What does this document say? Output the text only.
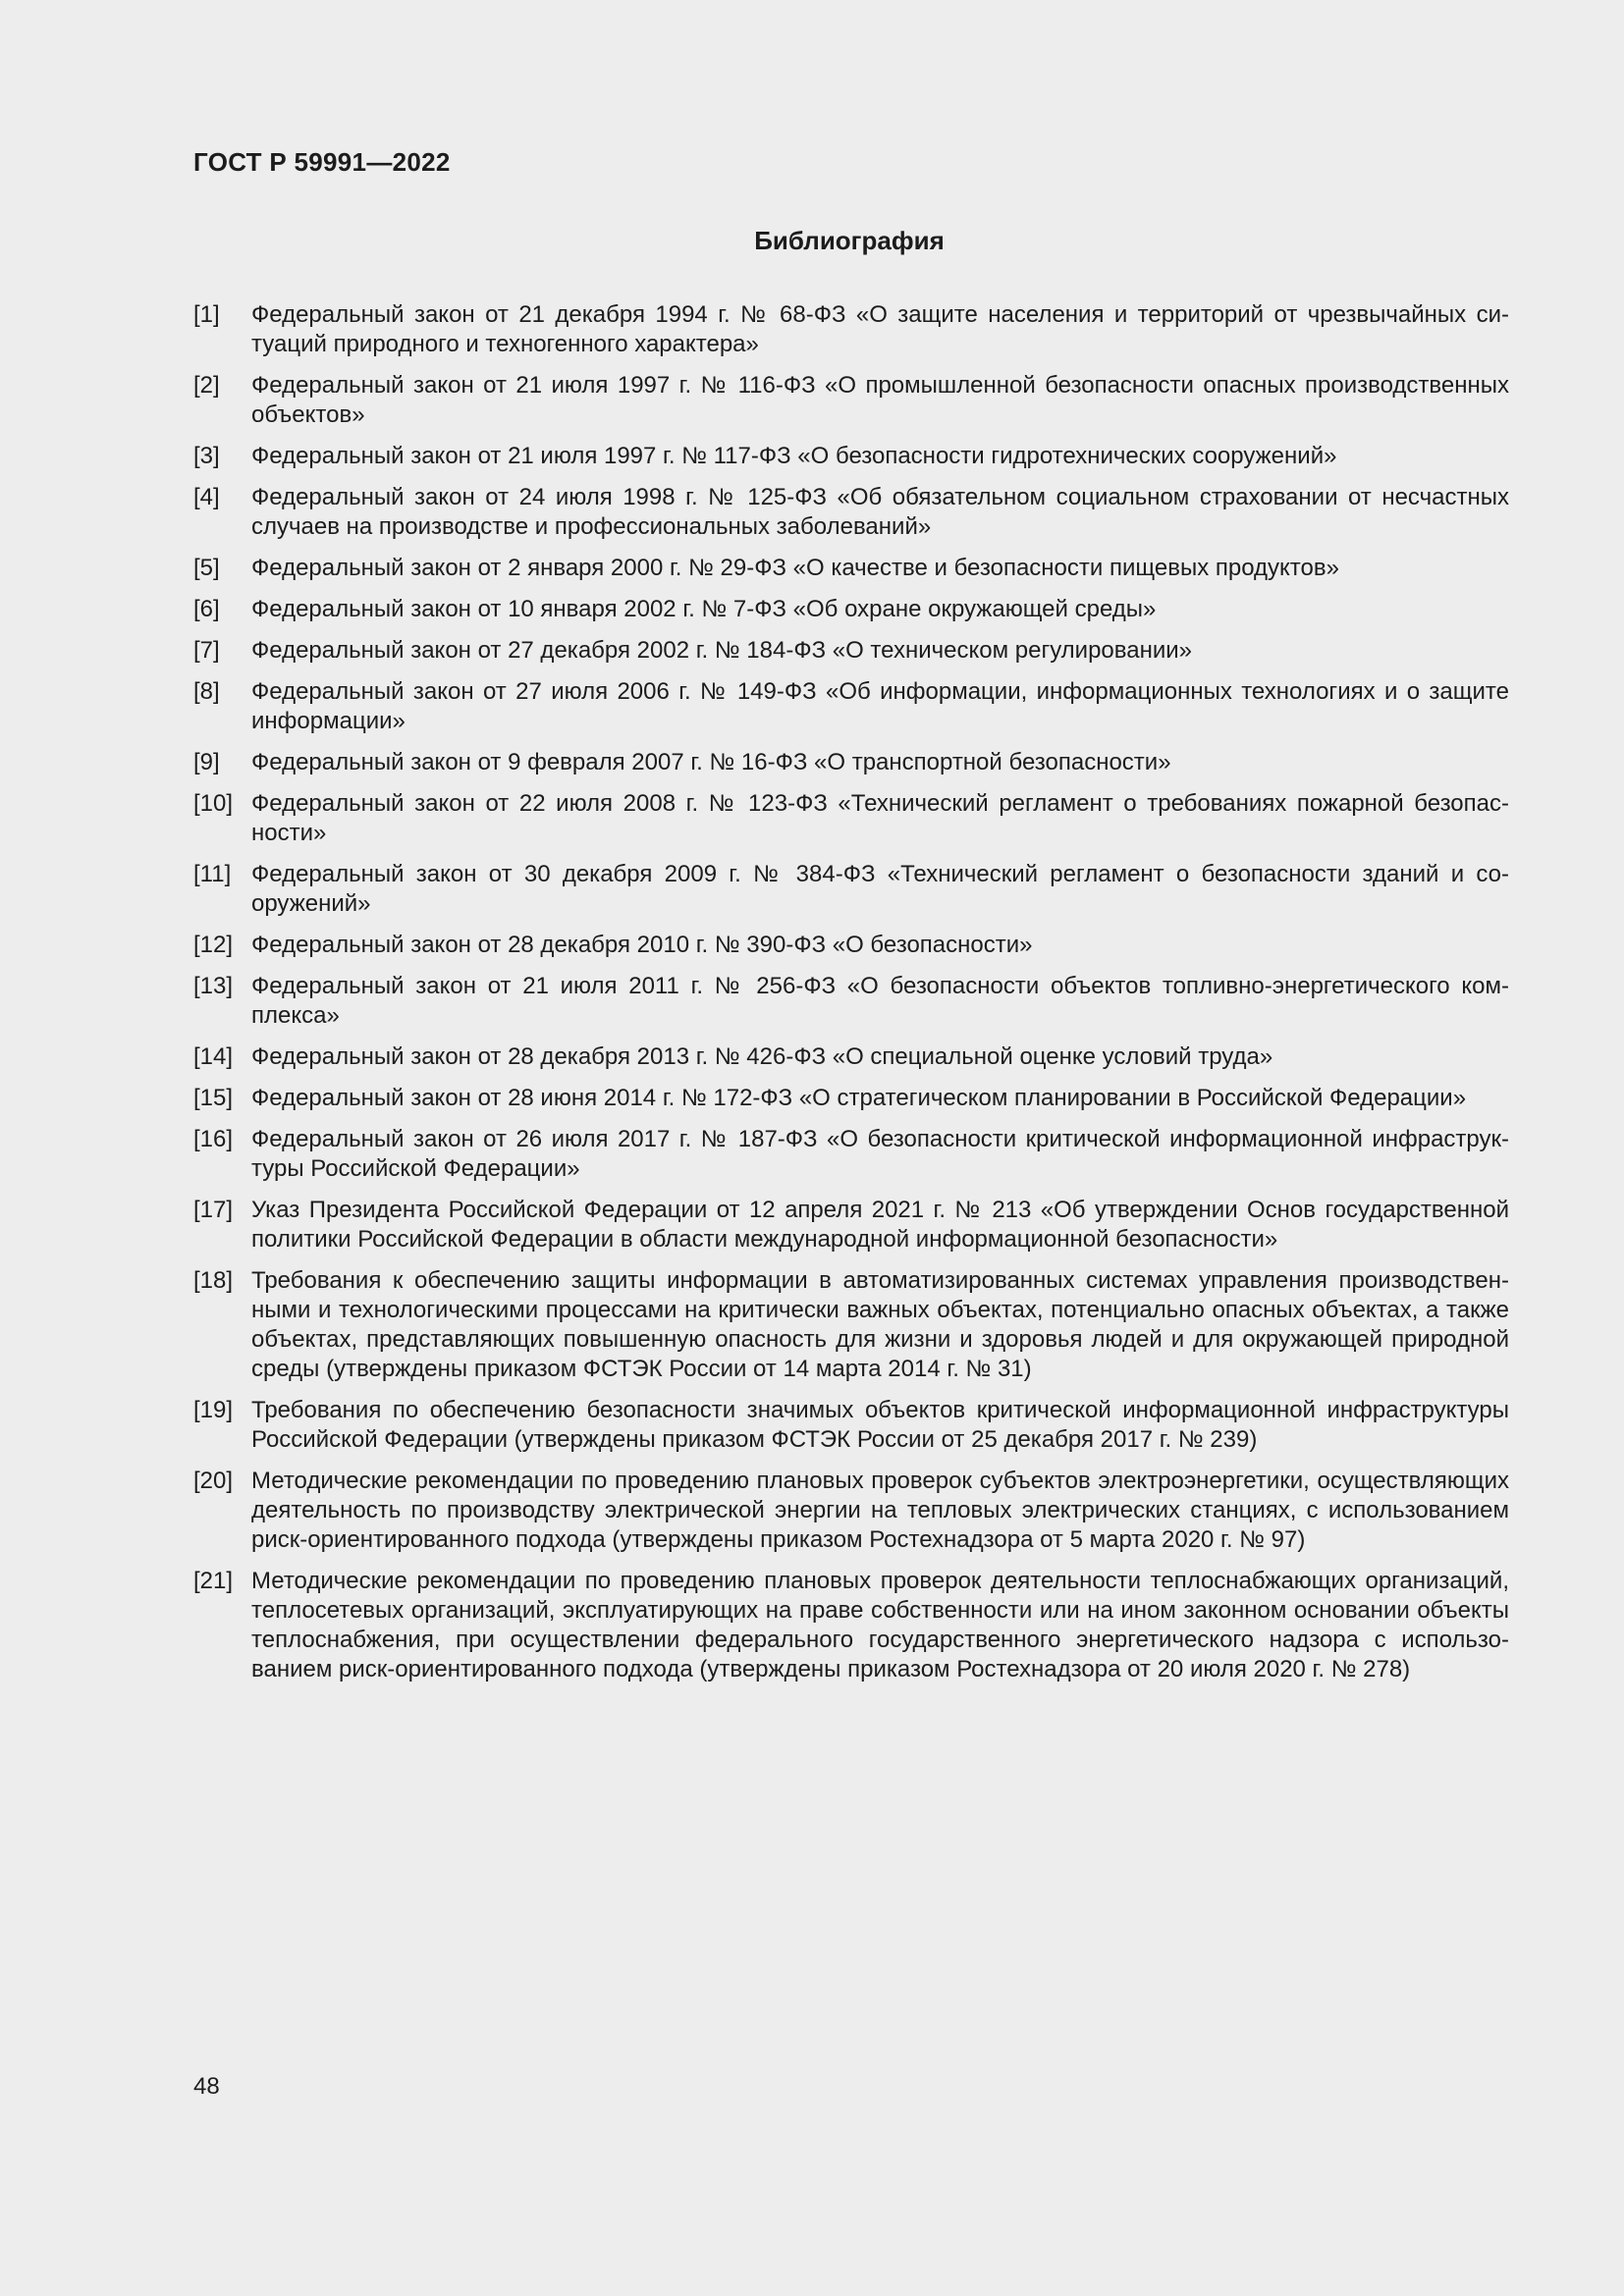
ГОСТ Р 59991—2022

Библиография
[1]	Федеральный закон от 21 декабря 1994 г. № 68-ФЗ «О защите населения и территорий от чрезвычайных ситуаций природного и техногенного характера»
[2]	Федеральный закон от 21 июля 1997 г. № 116-ФЗ «О промышленной безопасности опасных производственных объектов»
[3]	Федеральный закон от 21 июля 1997 г. № 117-ФЗ «О безопасности гидротехнических сооружений»
[4]	Федеральный закон от 24 июля 1998 г. № 125-ФЗ «Об обязательном социальном страховании от несчастных случаев на производстве и профессиональных заболеваний»
[5]	Федеральный закон от 2 января 2000 г. № 29-ФЗ «О качестве и безопасности пищевых продуктов»
[6]	Федеральный закон от 10 января 2002 г. № 7-ФЗ «Об охране окружающей среды»
[7]	Федеральный закон от 27 декабря 2002 г. № 184-ФЗ «О техническом регулировании»
[8]	Федеральный закон от 27 июля 2006 г. № 149-ФЗ «Об информации, информационных технологиях и о защите информации»
[9]	Федеральный закон от 9 февраля 2007 г. № 16-ФЗ «О транспортной безопасности»
[10] Федеральный закон от 22 июля 2008 г. № 123-ФЗ «Технический регламент о требованиях пожарной безопасности»
[11] Федеральный закон от 30 декабря 2009 г. № 384-ФЗ «Технический регламент о безопасности зданий и сооружений»
[12] Федеральный закон от 28 декабря 2010 г. № 390-ФЗ «О безопасности»
[13] Федеральный закон от 21 июля 2011 г. № 256-ФЗ «О безопасности объектов топливно-энергетического комплекса»
[14] Федеральный закон от 28 декабря 2013 г. № 426-ФЗ «О специальной оценке условий труда»
[15] Федеральный закон от 28 июня 2014 г. № 172-ФЗ «О стратегическом планировании в Российской Федерации»
[16] Федеральный закон от 26 июля 2017 г. № 187-ФЗ «О безопасности критической информационной инфраструктуры Российской Федерации»
[17] Указ Президента Российской Федерации от 12 апреля 2021 г. № 213 «Об утверждении Основ государственной политики Российской Федерации в области международной информационной безопасности»
[18] Требования к обеспечению защиты информации в автоматизированных системах управления производственными и технологическими процессами на критически важных объектах, потенциально опасных объектах, а также объектах, представляющих повышенную опасность для жизни и здоровья людей и для окружающей природной среды (утверждены приказом ФСТЭК России от 14 марта 2014 г. № 31)
[19] Требования по обеспечению безопасности значимых объектов критической информационной инфраструктуры Российской Федерации (утверждены приказом ФСТЭК России от 25 декабря 2017 г. № 239)
[20] Методические рекомендации по проведению плановых проверок субъектов электроэнергетики, осуществляющих деятельность по производству электрической энергии на тепловых электрических станциях, с использованием риск-ориентированного подхода (утверждены приказом Ростехнадзора от 5 марта 2020 г. № 97)
[21] Методические рекомендации по проведению плановых проверок деятельности теплоснабжающих организаций, теплосетевых организаций, эксплуатирующих на праве собственности или на ином законном основании объекты теплоснабжения, при осуществлении федерального государственного энергетического надзора с использованием риск-ориентированного подхода (утверждены приказом Ростехнадзора от 20 июля 2020 г. № 278)

48
